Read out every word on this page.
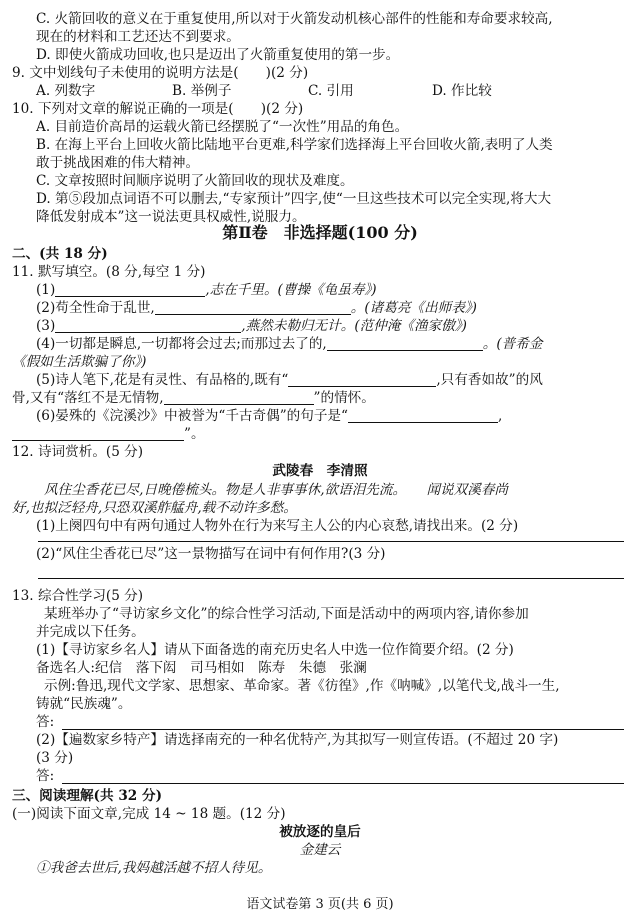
C. 火箭回收的意义在于重复使用,所以对于火箭发动机核心部件的性能和寿命要求较高,
现在的材料和工艺还达不到要求。
D. 即使火箭成功回收,也只是迈出了火箭重复使用的第一步。
9. 文中划线句子未使用的说明方法是(　　)(2 分)
A. 列数字	B. 举例子	C. 引用	D. 作比较
10. 下列对文章的解说正确的一项是(　　)(2 分)
A. 目前造价高昂的运载火箭已经摆脱了“一次性”用品的角色。
B. 在海上平台上回收火箭比陆地平台更难,科学家们选择海上平台回收火箭,表明了人类
敢于挑战困难的伟大精神。
C. 文章按照时间顺序说明了火箭回收的现状及难度。
D. 第⑤段加点词语不可以删去,“专家预计”四字,使“一旦这些技术可以完全实现,将大大
降低发射成本”这一说法更具权威性,说服力。
第Ⅱ卷　非选择题(100 分)
二、(共 18 分)
11. 默写填空。(8 分,每空 1 分)
(1)	,志在千里。(曹操《龟虽寿》)
(2)苟全性命于乱世,	。(诸葛亮《出师表》)
(3)	,燕然未勒归无计。(范仲淹《渔家傲》)
(4)一切都是瞬息,一切都将会过去;而那过去了的,	。(普希金
《假如生活欺骗了你》)
(5)诗人笔下,花是有灵性、有品格的,既有“	,只有香如故”的风
骨,又有“落红不是无情物,	”的情怀。
(6)晏殊的《浣溪沙》中被誉为“千古奇偶”的句子是“	,
”。
12. 诗词赏析。(5 分)
武陵春　李清照
风住尘香花已尽,日晚倦梳头。物是人非事事休,欲语泪先流。　　闻说双溪春尚
好,也拟泛轻舟,只恐双溪舴艋舟,载不动许多愁。
(1)上阕四句中有两句通过人物外在行为来写主人公的内心哀愁,请找出来。(2 分)
(2)“风住尘香花已尽”这一景物描写在词中有何作用?(3 分)
13. 综合性学习(5 分)
某班举办了“寻访家乡文化”的综合性学习活动,下面是活动中的两项内容,请你参加
并完成以下任务。
(1)【寻访家乡名人】请从下面备选的南充历史名人中选一位作简要介绍。(2 分)
备选名人:纪信　落下闳　司马相如　陈寿　朱德　张澜
示例:鲁迅,现代文学家、思想家、革命家。著《彷徨》,作《呐喊》,以笔代戈,战斗一生,
铸就“民族魂”。
答:
(2)【遍数家乡特产】请选择南充的一种名优特产,为其拟写一则宣传语。(不超过 20 字)
(3 分)
答:
三、阅读理解(共 32 分)
(一)阅读下面文章,完成 14 ~ 18 题。(12 分)
被放逐的皇后
金建云
①我爸去世后,我妈越活越不招人待见。
语文试卷第 3 页(共 6 页)
